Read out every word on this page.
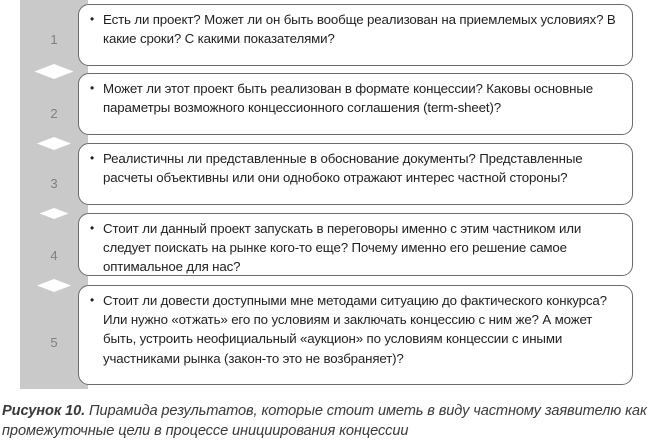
1
• Есть ли проект? Может ли он быть вообще реализован на приемлемых условиях? В какие сроки? С какими показателями?
2
• Может ли этот проект быть реализован в формате концессии? Каковы основные параметры возможного концессионного соглашения (term-sheet)?
3
• Реалистичны ли представленные в обоснование документы? Представленные расчеты объективны или они однобоко отражают интерес частной стороны?
4
• Стоит ли данный проект запускать в переговоры именно с этим частником или следует поискать на рынке кого-то еще? Почему именно его решение самое оптимальное для нас?
5
• Стоит ли довести доступными мне методами ситуацию до фактического конкурса? Или нужно «отжать» его по условиям и заключать концессию с ним же? А может быть, устроить неофициальный «аукцион» по условиям концессии с иными участниками рынка (закон-то это не возбраняет)?
Рисунок 10. Пирамида результатов, которые стоит иметь в виду частному заявителю как промежуточные цели в процессе инициирования концессии
